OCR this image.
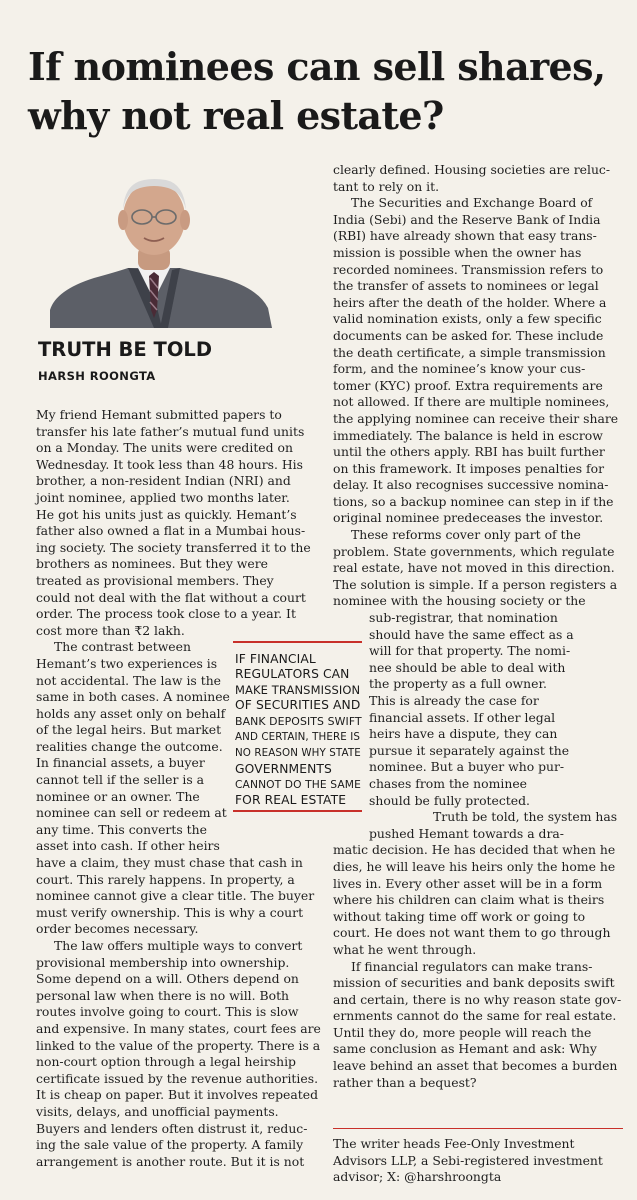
If nominees can sell shares,
why not real estate?
TRUTH BE TOLD
HARSH ROONGTA

My friend Hemant submitted papers to
transfer his late father’s mutual fund units
on a Monday. The units were credited on
Wednesday. It took less than 48 hours. His
brother, a non-resident Indian (NRI) and
joint nominee, applied two months later.
He got his units just as quickly. Hemant’s
father also owned a flat in a Mumbai hous-
ing society. The society transferred it to the
brothers as nominees. But they were
treated as provisional members. They
could not deal with the flat without a court
order. The process took close to a year. It
cost more than ₹2 lakh.

The contrast between
Hemant’s two experiences is
not accidental. The law is the
same in both cases. A nominee
holds any asset only on behalf
of the legal heirs. But market
realities change the outcome.
In financial assets, a buyer
cannot tell if the seller is a
nominee or an owner. The
nominee can sell or redeem at
any time. This converts the
asset into cash. If other heirs
have a claim, they must chase that cash in
court. This rarely happens. In property, a
nominee cannot give a clear title. The buyer
must verify ownership. This is why a court
order becomes necessary.

The law offers multiple ways to convert
provisional membership into ownership.
Some depend on a will. Others depend on
personal law when there is no will. Both
routes involve going to court. This is slow
and expensive. In many states, court fees are
linked to the value of the property. There is a
non-court option through a legal heirship
certificate issued by the revenue authorities.
It is cheap on paper. But it involves repeated
visits, delays, and unofficial payments.
Buyers and lenders often distrust it, reduc-
ing the sale value of the property. A family
arrangement is another route. But it is not

clearly defined. Housing societies are reluc-
tant to rely on it.

The Securities and Exchange Board of
India (Sebi) and the Reserve Bank of India
(RBI) have already shown that easy trans-
mission is possible when the owner has
recorded nominees. Transmission refers to
the transfer of assets to nominees or legal
heirs after the death of the holder. Where a
valid nomination exists, only a few specific
documents can be asked for. These include
the death certificate, a simple transmission
form, and the nominee’s know your cus-
tomer (KYC) proof. Extra requirements are
not allowed. If there are multiple nominees,
the applying nominee can receive their share
immediately. The balance is held in escrow
until the others apply. RBI has built further
on this framework. It imposes penalties for
delay. It also recognises successive nomina-
tions, so a backup nominee can step in if the
original nominee predeceases the investor.

These reforms cover only part of the
problem. State governments, which regulate
real estate, have not moved in this direction.
The solution is simple. If a person registers a
nominee with the housing society or the
sub-registrar, that nomination
should have the same effect as a
will for that property. The nomi-
nee should be able to deal with
the property as a full owner.
This is already the case for
financial assets. If other legal
heirs have a dispute, they can
pursue it separately against the
nominee. But a buyer who pur-
chases from the nominee
should be fully protected.

Truth be told, the system has
pushed Hemant towards a dra-
matic decision. He has decided that when he
dies, he will leave his heirs only the home he
lives in. Every other asset will be in a form
where his children can claim what is theirs
without taking time off work or going to
court. He does not want them to go through
what he went through.

If financial regulators can make trans-
mission of securities and bank deposits swift
and certain, there is no why reason state gov-
ernments cannot do the same for real estate.
Until they do, more people will reach the
same conclusion as Hemant and ask: Why
leave behind an asset that becomes a burden
rather than a bequest?

IF FINANCIAL
REGULATORS CAN
MAKE TRANSMISSION
OF SECURITIES AND
BANK DEPOSITS SWIFT
AND CERTAIN, THERE IS
NO REASON WHY STATE
GOVERNMENTS
CANNOT DO THE SAME
FOR REAL ESTATE
The writer heads Fee-Only Investment
Advisors LLP, a Sebi-registered investment
advisor; X: @harshroongta
